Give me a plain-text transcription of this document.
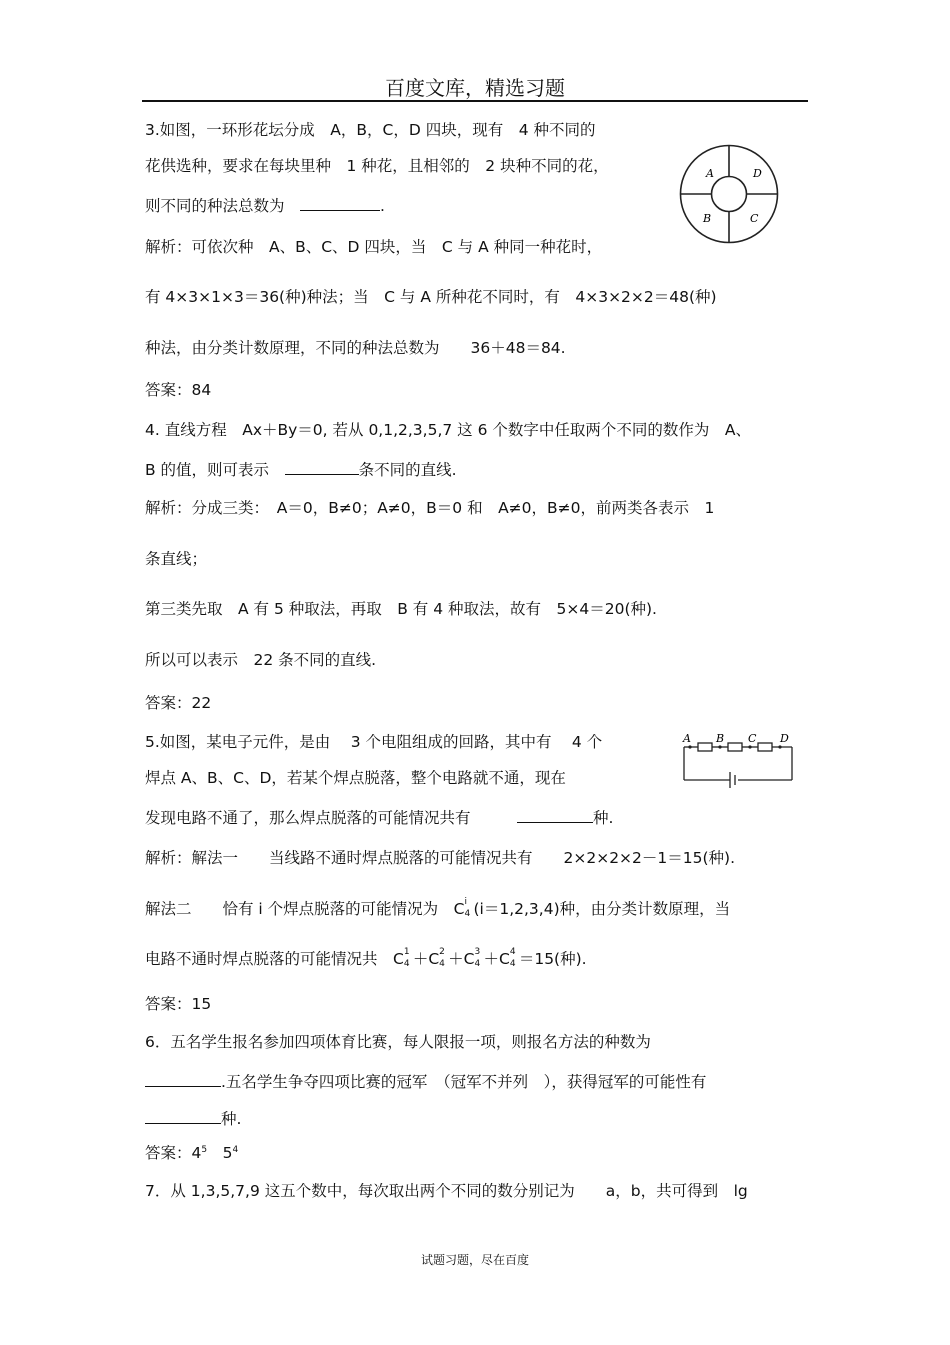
百度文库，精选习题
3.如图，一环形花坛分成　A，B，C，D 四块，现有　4 种不同的
花供选种，要求在每块里种　1 种花，且相邻的　2 块种不同的花，
则不同的种法总数为　	.
解析：可依次种　A、B、C、D 四块，当　C 与 A 种同一种花时，
有 4×3×1×3＝36(种)种法；当　C 与 A 所种花不同时，有　4×3×2×2＝48(种)
种法，由分类计数原理，不同的种法总数为　　36＋48＝84.
答案：84
A	D
B	C
4. 直线方程　Ax＋By＝0, 若从 0,1,2,3,5,7 这 6 个数字中任取两个不同的数作为　A、
B 的值，则可表示　	条不同的直线.
解析：分成三类：　A＝0，B≠0；A≠0，B＝0 和　A≠0，B≠0，前两类各表示　1
条直线；
第三类先取　A 有 5 种取法，再取　B 有 4 种取法，故有　5×4＝20(种).
所以可以表示　22 条不同的直线.
答案：22
5.如图，某电子元件，是由　 3 个电阻组成的回路，其中有　 4 个
焊点 A、B、C、D，若某个焊点脱落，整个电路就不通，现在
发现电路不通了，那么焊点脱落的可能情况共有　　　	种.
A B C D
解析：解法一　　当线路不通时焊点脱落的可能情况共有　　2×2×2×2－1＝15(种).
解法二　　恰有 i 个焊点脱落的可能情况为　C i
4 (i＝1,2,3,4)种，由分类计数原理，当
电路不通时焊点脱落的可能情况共　C 1
4 ＋C 2
4 ＋C 3
4 ＋C 4
4 ＝15(种).
答案：15
6．五名学生报名参加四项体育比赛，每人限报一项，则报名方法的种数为
.五名学生争夺四项比赛的冠军　（冠军不并列　），获得冠军的可能性有
种.
答案：$4^5$　$5^4$
7．从 1,3,5,7,9 这五个数中，每次取出两个不同的数分别记为　　a，b，共可得到　lg
试题习题，尽在百度
